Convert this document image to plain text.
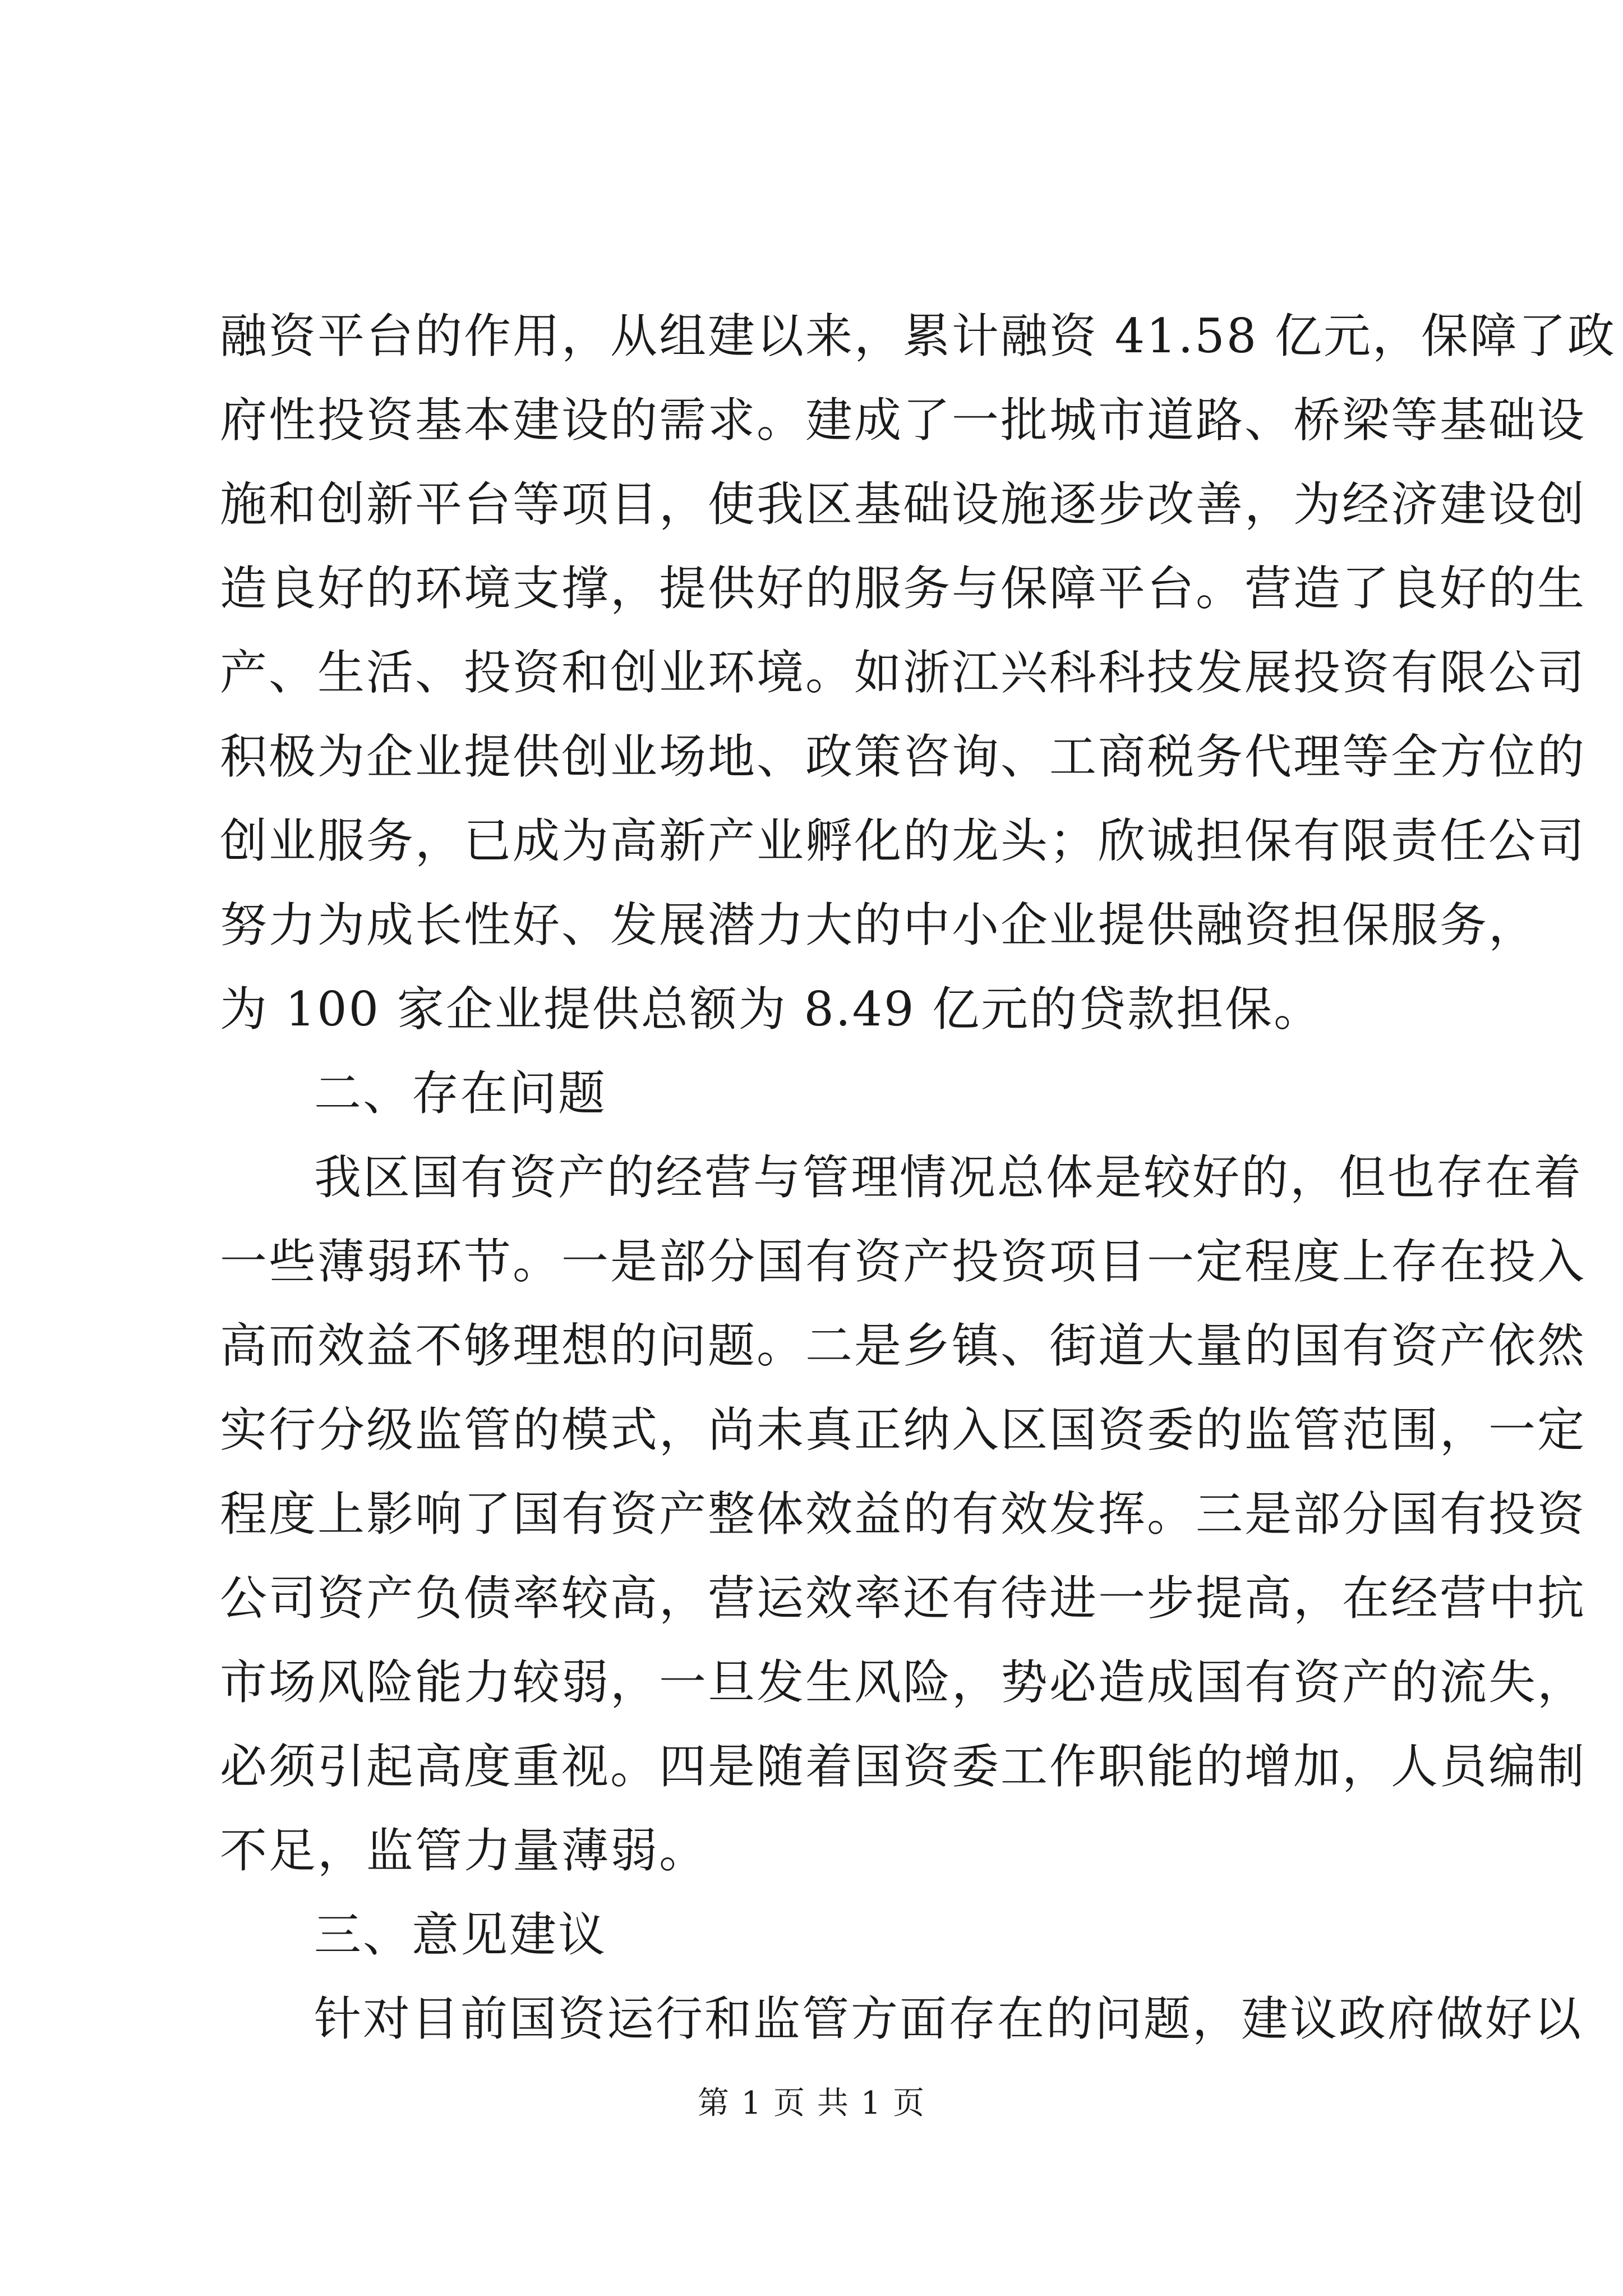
融资平台的作用，从组建以来，累计融资 41.58 亿元，保障了政
府性投资基本建设的需求。建成了一批城市道路、桥梁等基础设
施和创新平台等项目，使我区基础设施逐步改善，为经济建设创
造良好的环境支撑，提供好的服务与保障平台。营造了良好的生
产、生活、投资和创业环境。如浙江兴科科技发展投资有限公司
积极为企业提供创业场地、政策咨询、工商税务代理等全方位的
创业服务，已成为高新产业孵化的龙头；欣诚担保有限责任公司
努力为成长性好、发展潜力大的中小企业提供融资担保服务，
为 100 家企业提供总额为 8.49 亿元的贷款担保。
二、存在问题
我区国有资产的经营与管理情况总体是较好的，但也存在着
一些薄弱环节。一是部分国有资产投资项目一定程度上存在投入
高而效益不够理想的问题。二是乡镇、街道大量的国有资产依然
实行分级监管的模式，尚未真正纳入区国资委的监管范围，一定
程度上影响了国有资产整体效益的有效发挥。三是部分国有投资
公司资产负债率较高，营运效率还有待进一步提高，在经营中抗
市场风险能力较弱，一旦发生风险，势必造成国有资产的流失，
必须引起高度重视。四是随着国资委工作职能的增加，人员编制
不足，监管力量薄弱。
三、意见建议
针对目前国资运行和监管方面存在的问题，建议政府做好以
第 1 页 共 1 页
